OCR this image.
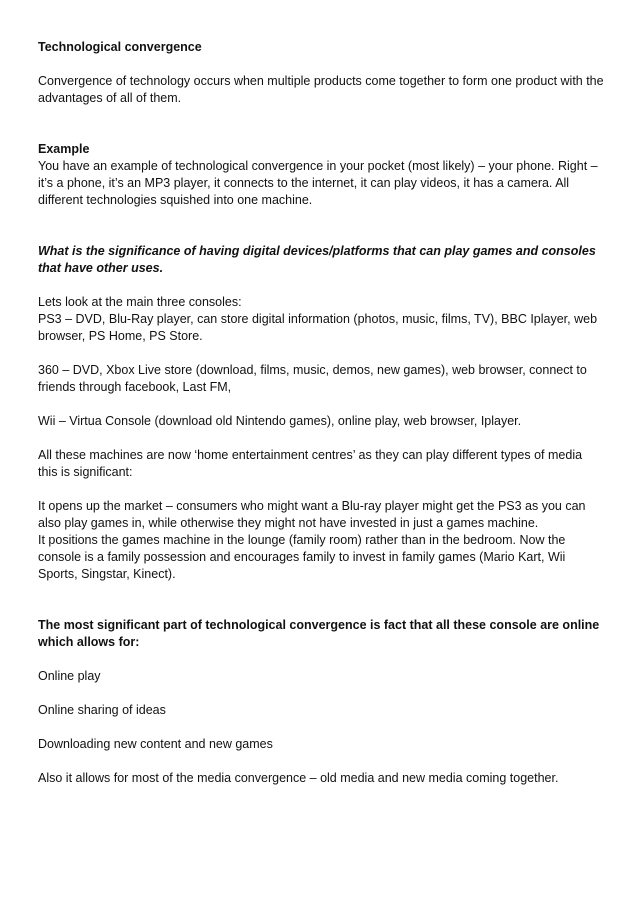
Technological convergence

Convergence of technology occurs when multiple products come together to form one product with the advantages of all of them.

Example

You have an example of technological convergence in your pocket (most likely) – your phone. Right – it’s a phone, it’s an MP3 player, it connects to the internet, it can play videos, it has a camera. All different technologies squished into one machine.

What is the significance of having digital devices/platforms that can play games and consoles that have other uses.

Lets look at the main three consoles:

PS3 – DVD, Blu-Ray player, can store digital information (photos, music, films, TV), BBC Iplayer, web browser, PS Home, PS Store.

360 – DVD, Xbox Live store (download, films, music, demos, new games), web browser, connect to friends through facebook, Last FM,

Wii – Virtua Console (download old Nintendo games), online play, web browser, Iplayer.

All these machines are now ‘home entertainment centres’ as they can play different types of media this is significant:

It opens up the market – consumers who might want a Blu-ray player might get the PS3 as you can also play games in, while otherwise they might not have invested in just a games machine.

It positions the games machine in the lounge (family room) rather than in the bedroom. Now the console is a family possession and encourages family to invest in family games (Mario Kart, Wii Sports, Singstar, Kinect).

The most significant part of technological convergence is fact that all these console are online which allows for:

Online play

Online sharing of ideas

Downloading new content and new games

Also it allows for most of the media convergence – old media and new media coming together.
